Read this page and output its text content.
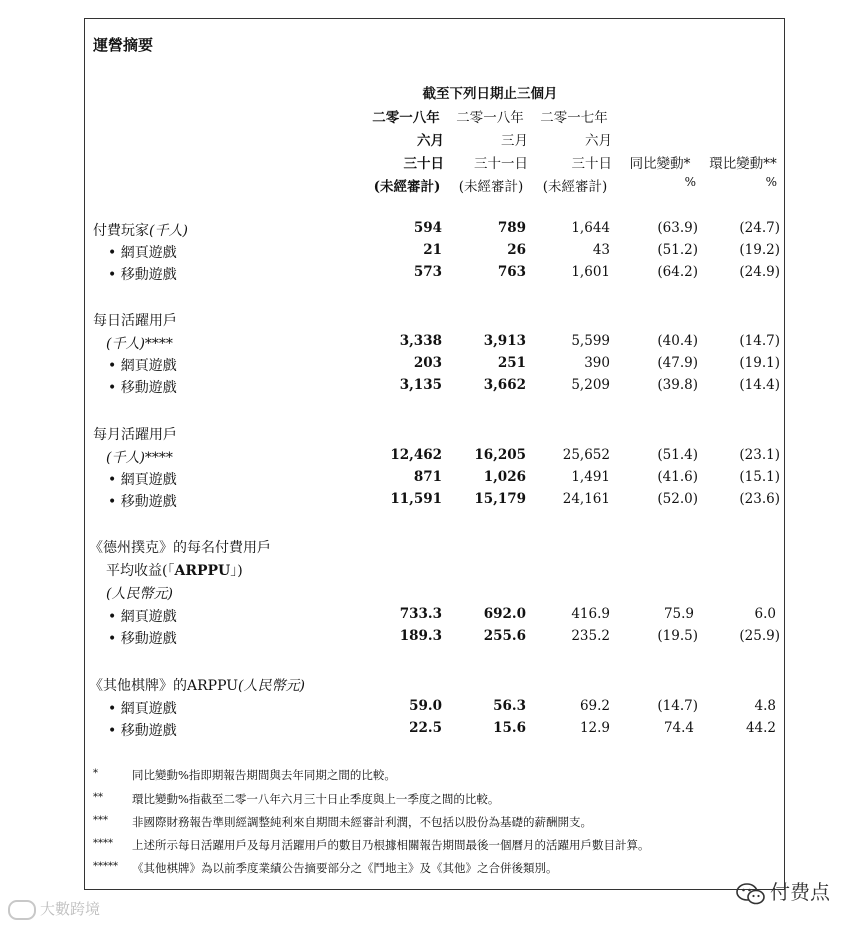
運營摘要
截至下列日期止三個月
二零一八年	二零一八年	二零一七年
六月	三月	六月
三十日	三十一日	三十日	同比變動*	環比變動**
(未經審計)	(未經審計)	(未經審計)	%	%
付費玩家(千人)	594	789	1,644	(63.9)	(24.7)
• 網頁遊戲	21	26	43	(51.2)	(19.2)
• 移動遊戲	573	763	1,601	(64.2)	(24.9)
每日活躍用戶
(千人)****	3,338	3,913	5,599	(40.4)	(14.7)
• 網頁遊戲	203	251	390	(47.9)	(19.1)
• 移動遊戲	3,135	3,662	5,209	(39.8)	(14.4)
每月活躍用戶
(千人)****	12,462	16,205	25,652	(51.4)	(23.1)
• 網頁遊戲	871	1,026	1,491	(41.6)	(15.1)
• 移動遊戲	11,591	15,179	24,161	(52.0)	(23.6)
《德州撲克》的每名付費用戶
平均收益(「ARPPU」)
(人民幣元)
• 網頁遊戲	733.3	692.0	416.9	75.9	6.0
• 移動遊戲	189.3	255.6	235.2	(19.5)	(25.9)
《其他棋牌》的ARPPU(人民幣元)
• 網頁遊戲	59.0	56.3	69.2	(14.7)	4.8
• 移動遊戲	22.5	15.6	12.9	74.4	44.2
*	同比變動%指即期報告期間與去年同期之間的比較。
**	環比變動%指截至二零一八年六月三十日止季度與上一季度之間的比較。
*** 非國際財務報告準則經調整純利來自期間未經審計利潤，不包括以股份為基礎的薪酬開支。
**** 上述所示每日活躍用戶及每月活躍用戶的數目乃根據相關報告期間最後一個曆月的活躍用戶數目計算。
***** 《其他棋牌》為以前季度業績公告摘要部分之《鬥地主》及《其他》之合併後類別。
大數跨境
付费点
